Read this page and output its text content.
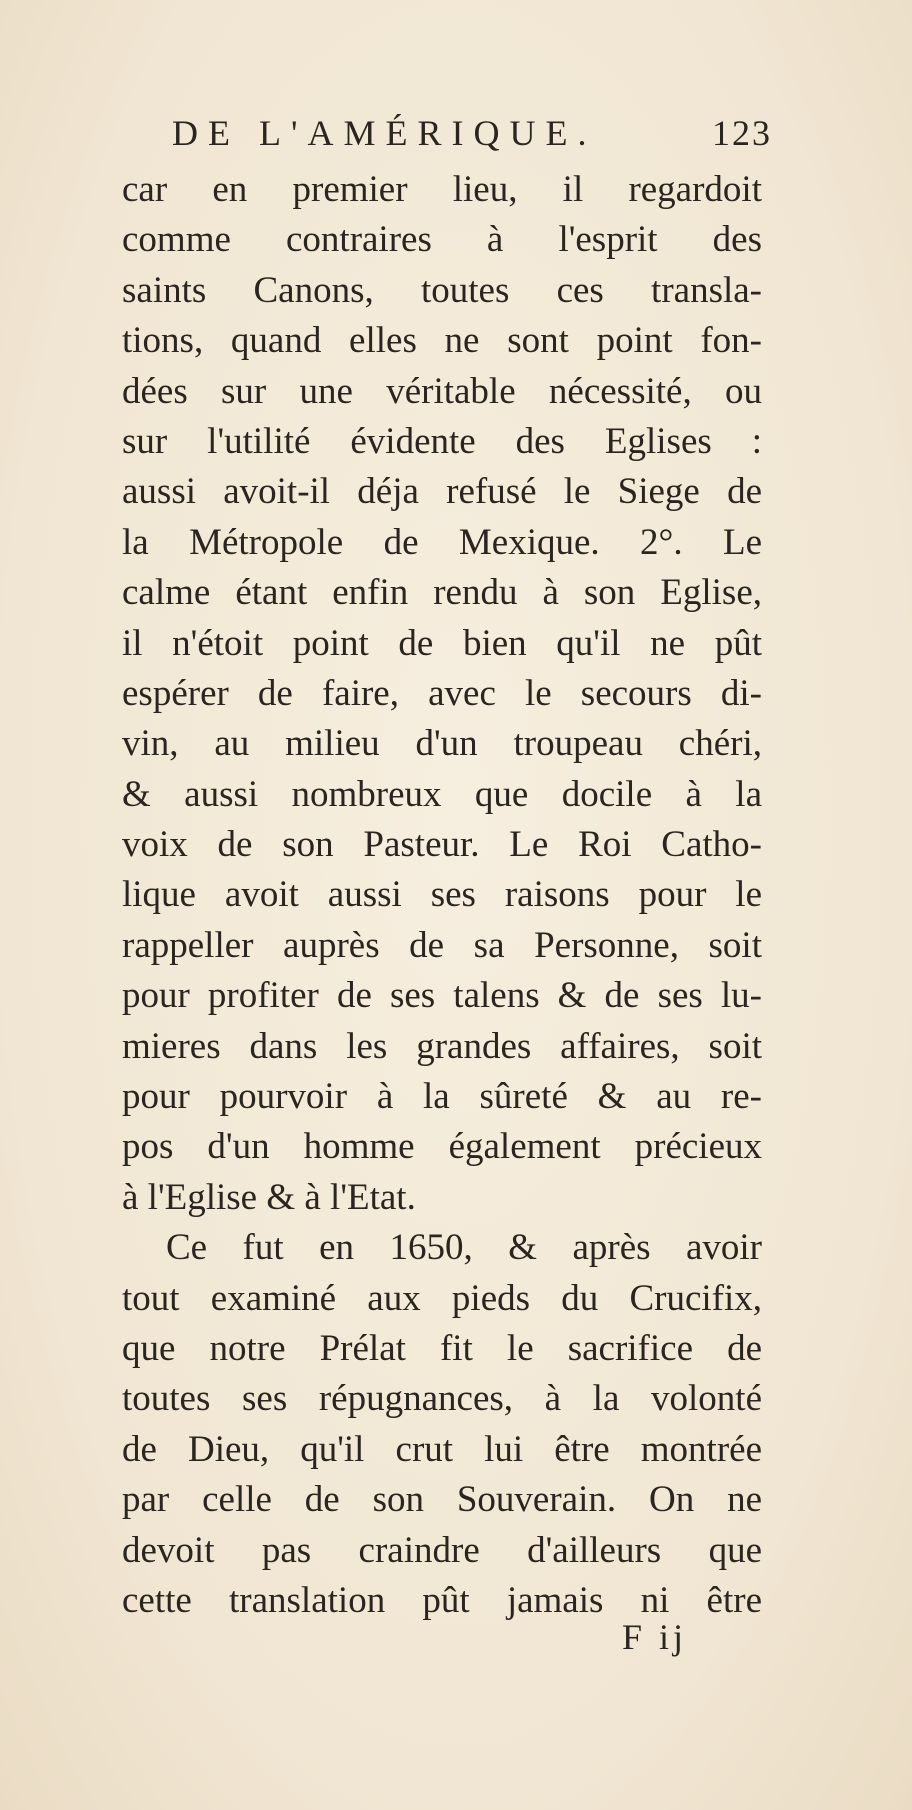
DE L'AMÉRIQUE.	123
car en premier lieu, il regardoit
comme contraires à l'esprit des
saints Canons, toutes ces transla-
tions, quand elles ne sont point fon-
dées sur une véritable nécessité, ou
sur l'utilité évidente des Eglises :
aussi avoit-il déja refusé le Siege de
la Métropole de Mexique. 2°. Le
calme étant enfin rendu à son Eglise,
il n'étoit point de bien qu'il ne pût
espérer de faire, avec le secours di-
vin, au milieu d'un troupeau chéri,
& aussi nombreux que docile à la
voix de son Pasteur. Le Roi Catho-
lique avoit aussi ses raisons pour le
rappeller auprès de sa Personne, soit
pour profiter de ses talens & de ses lu-
mieres dans les grandes affaires, soit
pour pourvoir à la sûreté & au re-
pos d'un homme également précieux
à l'Eglise & à l'Etat.
Ce fut en 1650, & après avoir
tout examiné aux pieds du Crucifix,
que notre Prélat fit le sacrifice de
toutes ses répugnances, à la volonté
de Dieu, qu'il crut lui être montrée
par celle de son Souverain. On ne
devoit pas craindre d'ailleurs que
cette translation pût jamais ni être
F ij
